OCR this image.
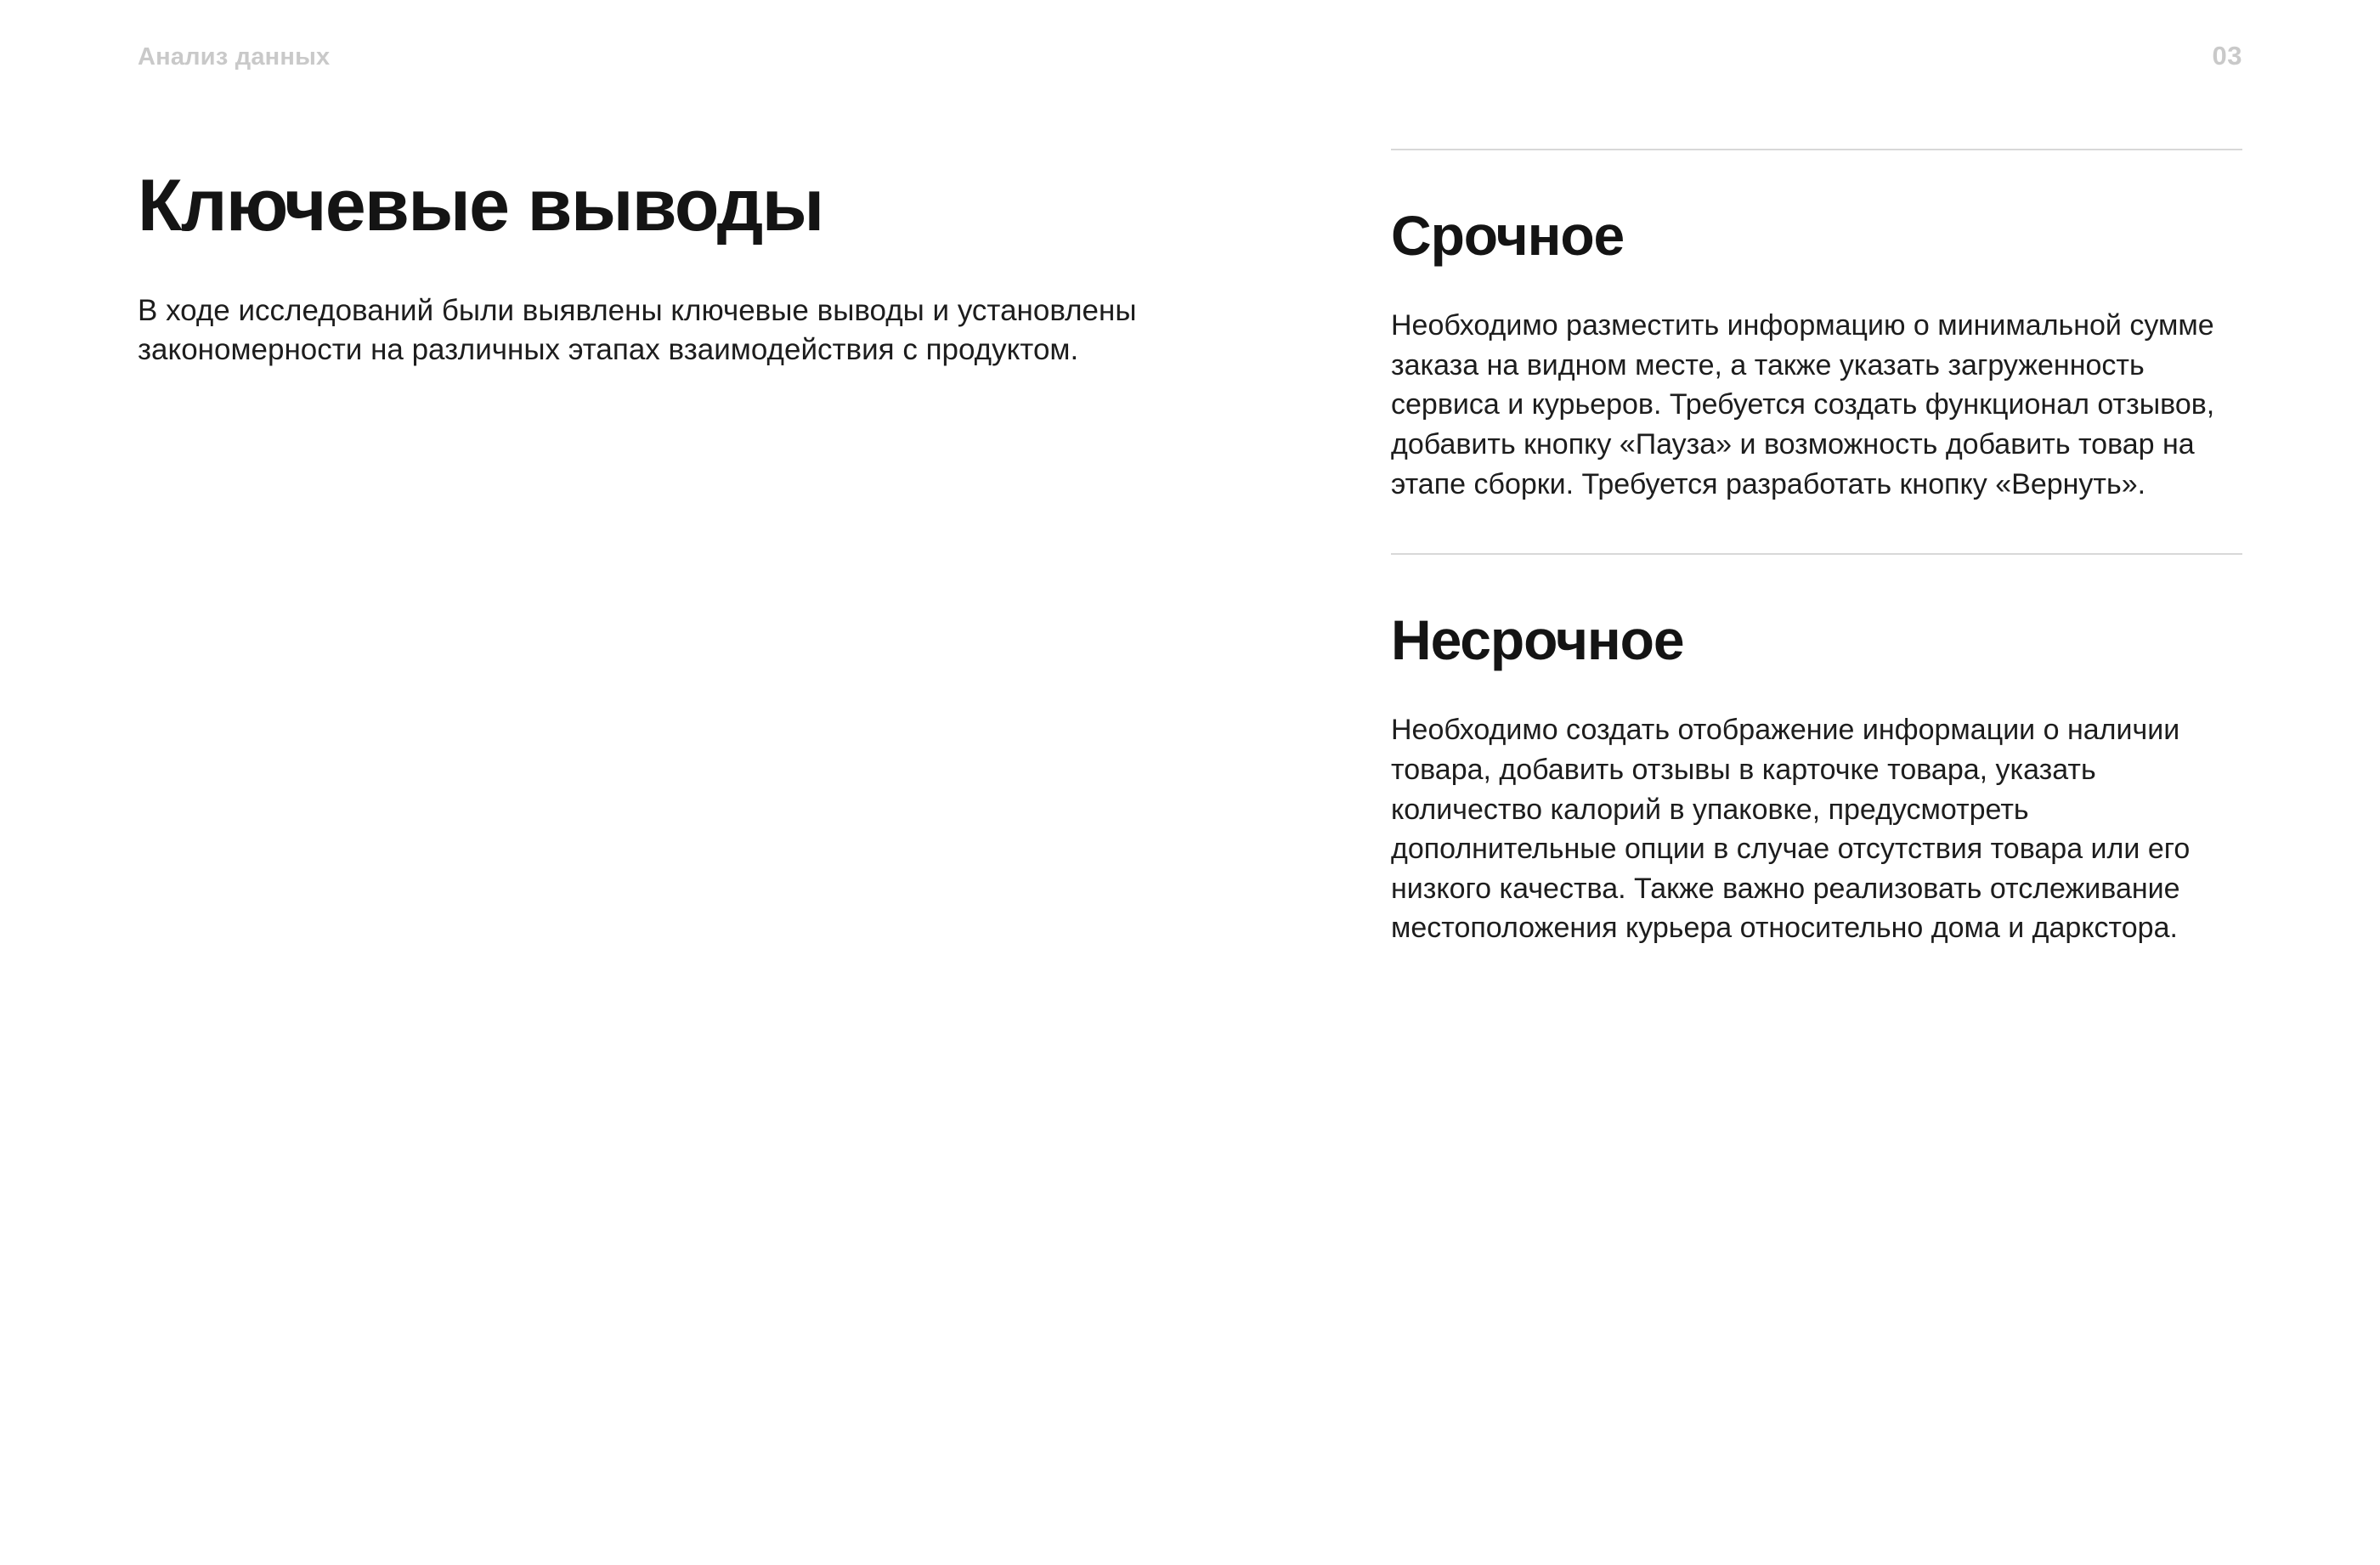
Анализ данных	03
Ключевые выводы

В ходе исследований были выявлены ключевые выводы и установлены закономерности на различных этапах взаимодействия с продуктом.

Срочное

Необходимо разместить информацию о минимальной сумме заказа на видном месте, а также указать загруженность сервиса и курьеров. Требуется создать функционал отзывов, добавить кнопку «Пауза» и возможность добавить товар на этапе сборки. Требуется разработать кнопку «Вернуть».

Несрочное

Необходимо создать отображение информации о наличии товара, добавить отзывы в карточке товара, указать количество калорий в упаковке, предусмотреть дополнительные опции в случае отсутствия товара или его низкого качества. Также важно реализовать отслеживание местоположения курьера относительно дома и даркстора.
